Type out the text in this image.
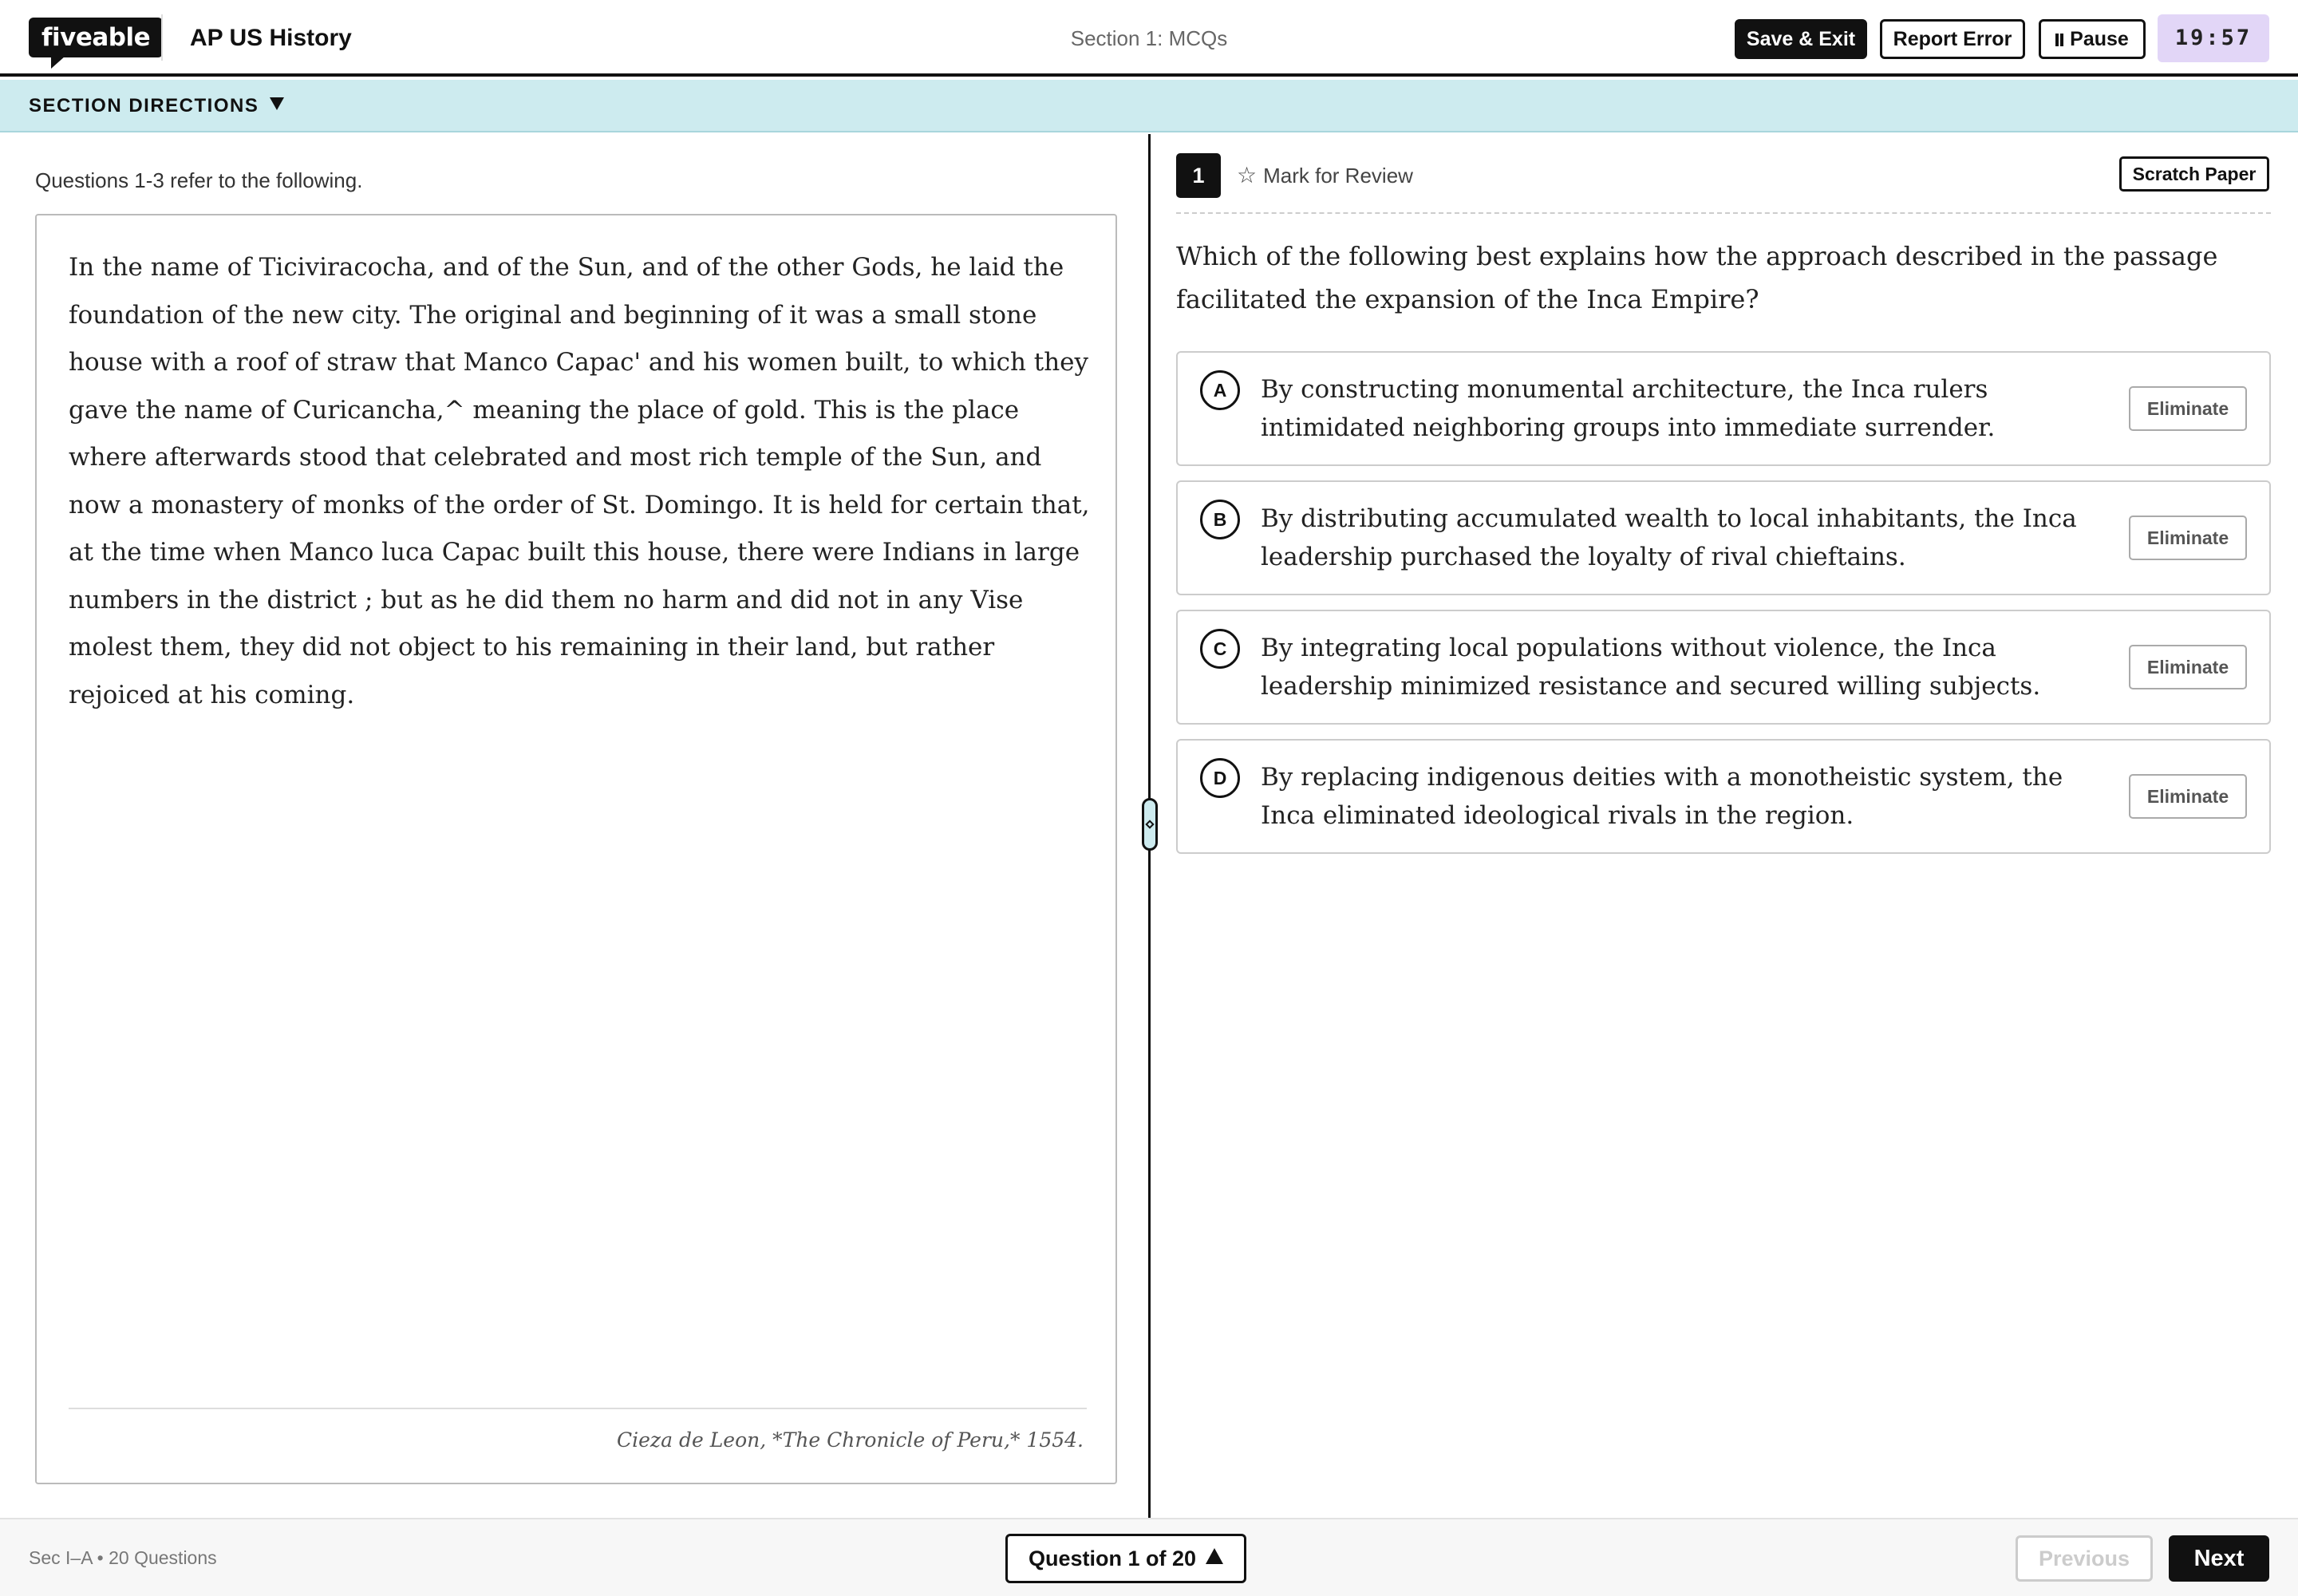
fiveable	AP US History	Section 1: MCQs	Save & Exit	Report Error	Pause	19:57
SECTION DIRECTIONS
Questions 1-3 refer to the following.
In the name of Ticiviracocha, and of the Sun, and of the other Gods, he laid the foundation of the new city. The original and beginning of it was a small stone house with a roof of straw that Manco Capac' and his women built, to which they gave the name of Curicancha,^ meaning the place of gold. This is the place where afterwards stood that celebrated and most rich temple of the Sun, and now a monastery of monks of the order of St. Domingo. It is held for certain that, at the time when Manco luca Capac built this house, there were Indians in large numbers in the district ; but as he did them no harm and did not in any Vise molest them, they did not object to his remaining in their land, but rather rejoiced at his coming.
Cieza de Leon, *The Chronicle of Peru,* 1554.
1	☆ Mark for Review	Scratch Paper
Which of the following best explains how the approach described in the passage facilitated the expansion of the Inca Empire?
A	By constructing monumental architecture, the Inca rulers intimidated neighboring groups into immediate surrender.
Eliminate
B	By distributing accumulated wealth to local inhabitants, the Inca leadership purchased the loyalty of rival chieftains.
Eliminate
C	By integrating local populations without violence, the Inca leadership minimized resistance and secured willing subjects.
Eliminate
D	By replacing indigenous deities with a monotheistic system, the Inca eliminated ideological rivals in the region.
Eliminate
Sec I–A • 20 Questions	Question 1 of 20	Previous	Next
